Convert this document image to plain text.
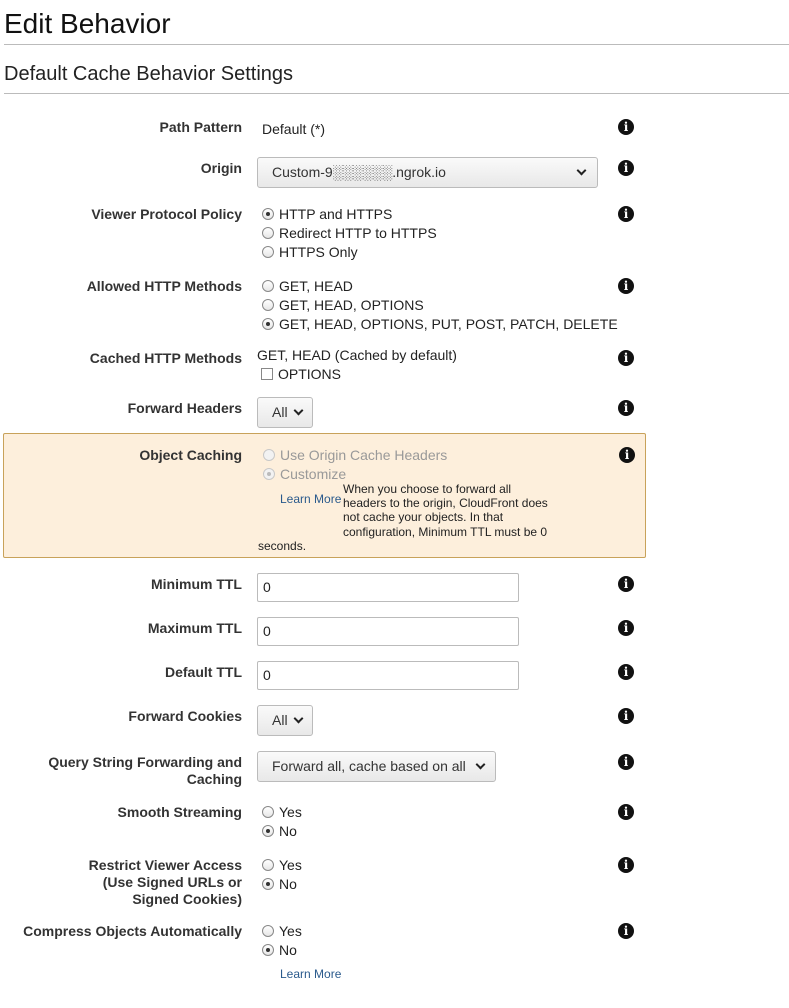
Edit Behavior
Default Cache Behavior Settings
Path Pattern Default (*)	i
Origin	Custom-9░░░░░░.ngrok.io	i
Viewer Protocol Policy	HTTP and HTTPS
Redirect HTTP to HTTPS
HTTPS Only
i
Allowed HTTP Methods	GET, HEAD
GET, HEAD, OPTIONS
GET, HEAD, OPTIONS, PUT, POST, PATCH, DELETE
i
Cached HTTP Methods GET, HEAD (Cached by default)
OPTIONS
i
Forward Headers	All	i
Object Caching	Use Origin Cache Headers
Customize
Learn More
When you choose to forward all
headers to the origin, CloudFront does
not cache your objects. In that
configuration, Minimum TTL must be 0
seconds.
i
Minimum TTL	0	i
Maximum TTL	0	i
Default TTL	0	i
Forward Cookies	All	i
Query String Forwarding and
Caching
Forward all, cache based on all	i
Smooth Streaming	Yes
No
i
Restrict Viewer Access
(Use Signed URLs or
Signed Cookies)
Yes
No
i
Compress Objects Automatically	Yes
No
Learn More
i
